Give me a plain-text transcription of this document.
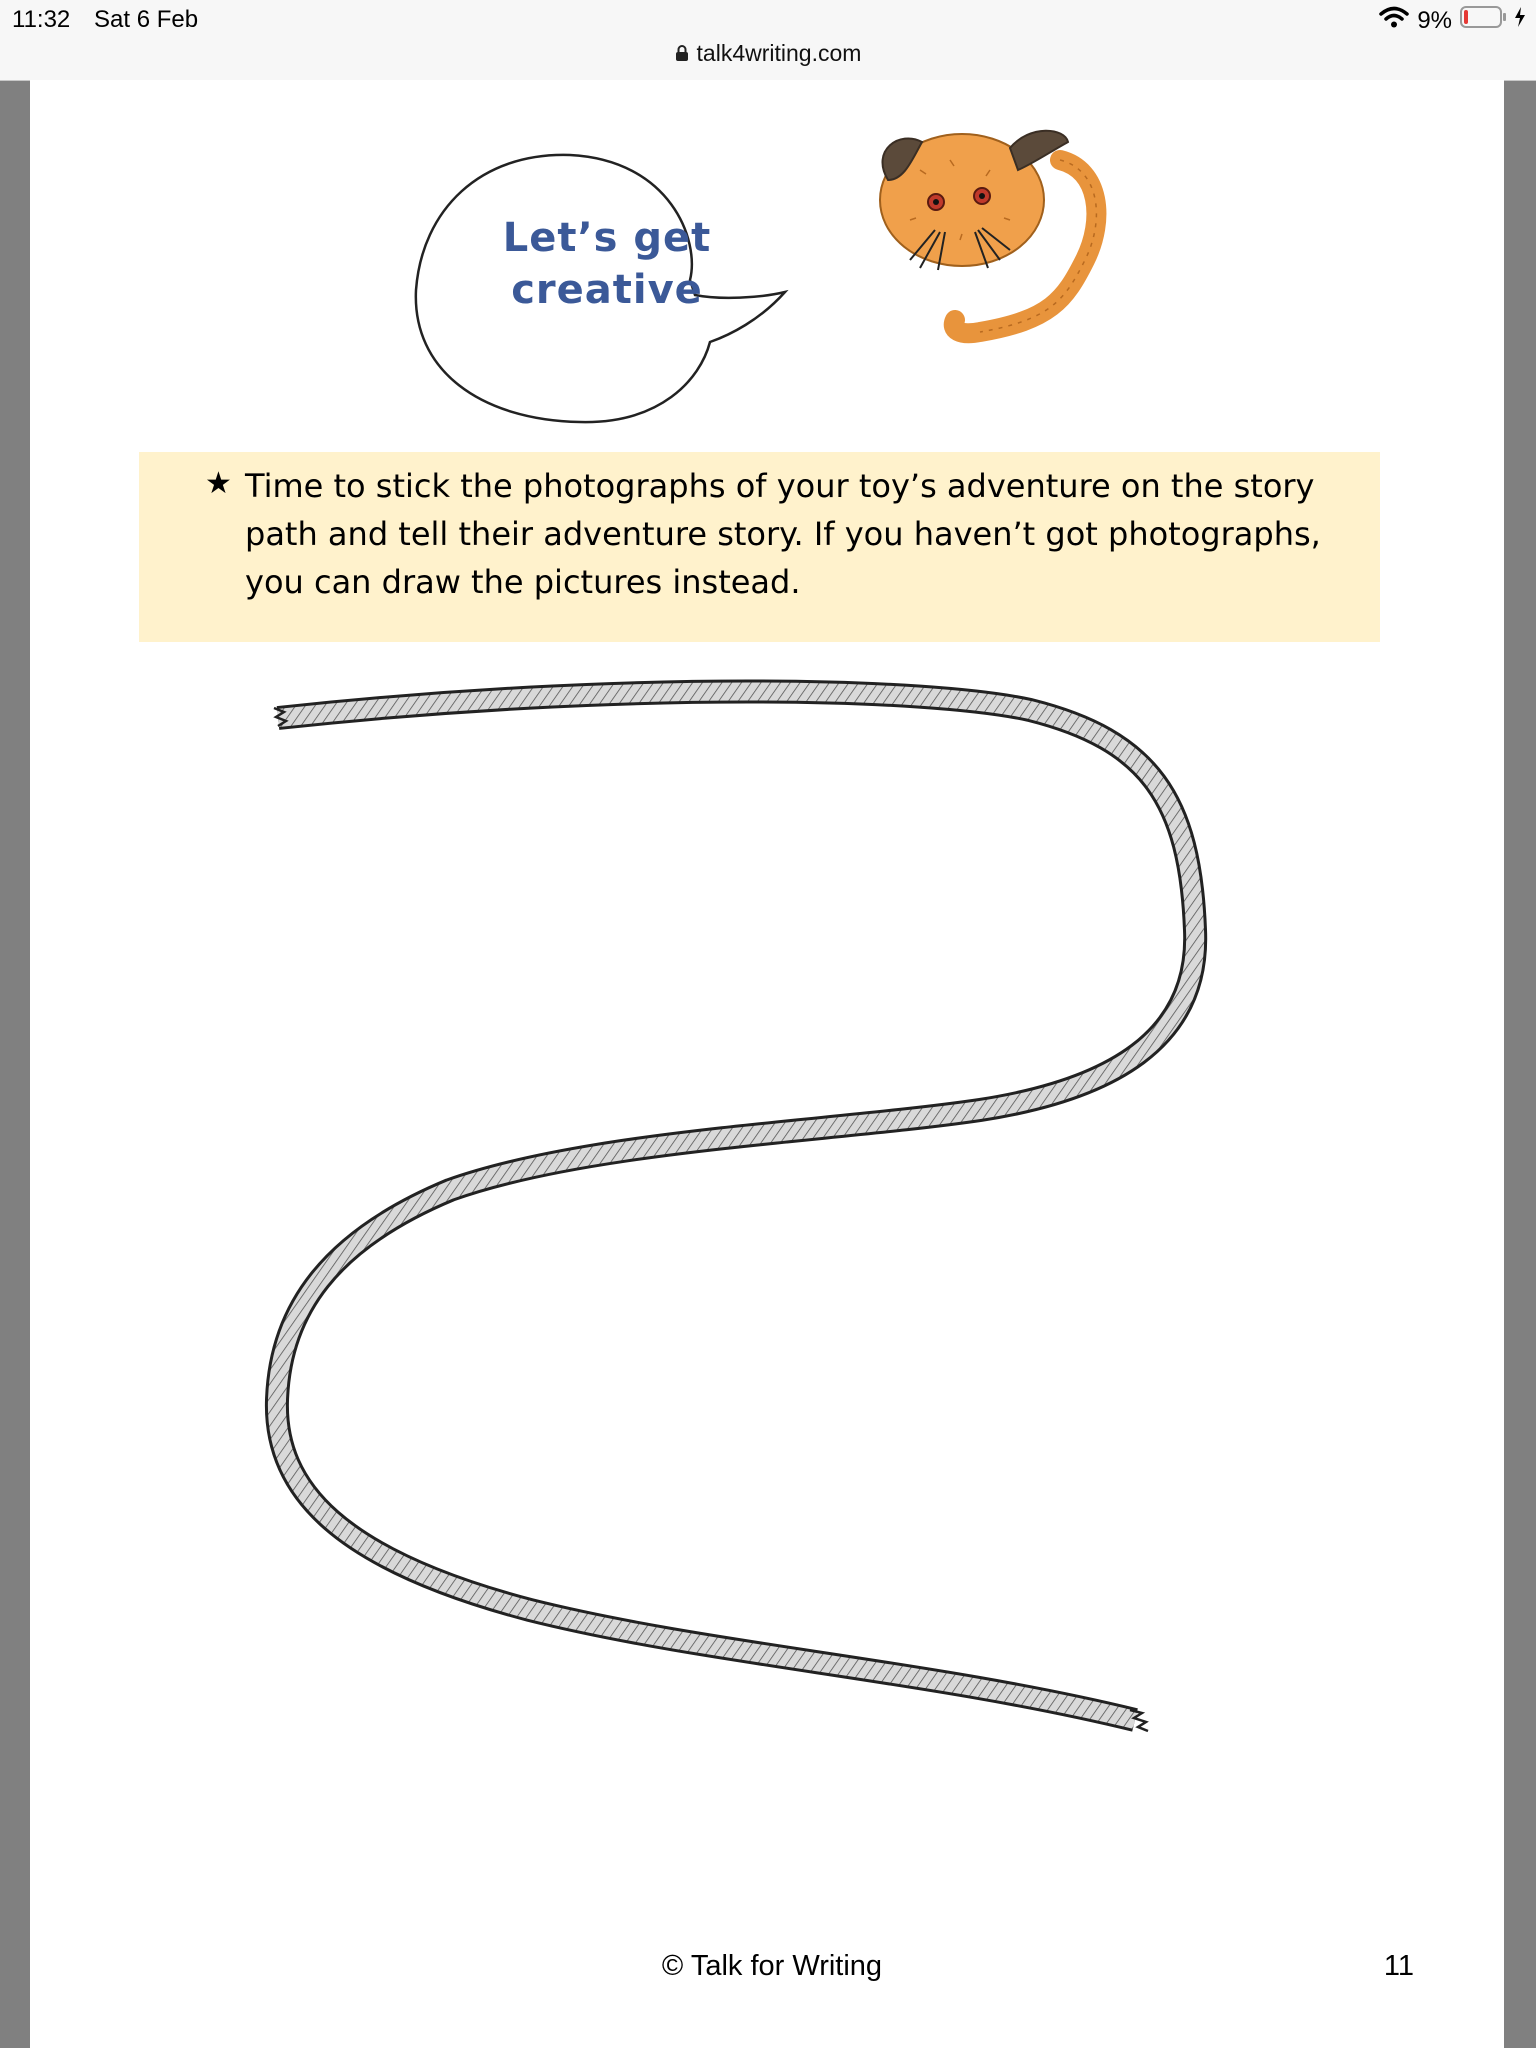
11:32 Sat 6 Feb
talk4writing.com
9%
Let’s get creative
★ Time to stick the photographs of your toy’s adventure on the story path and tell their adventure story. If you haven’t got photographs, you can draw the pictures instead.
© Talk for Writing	11
